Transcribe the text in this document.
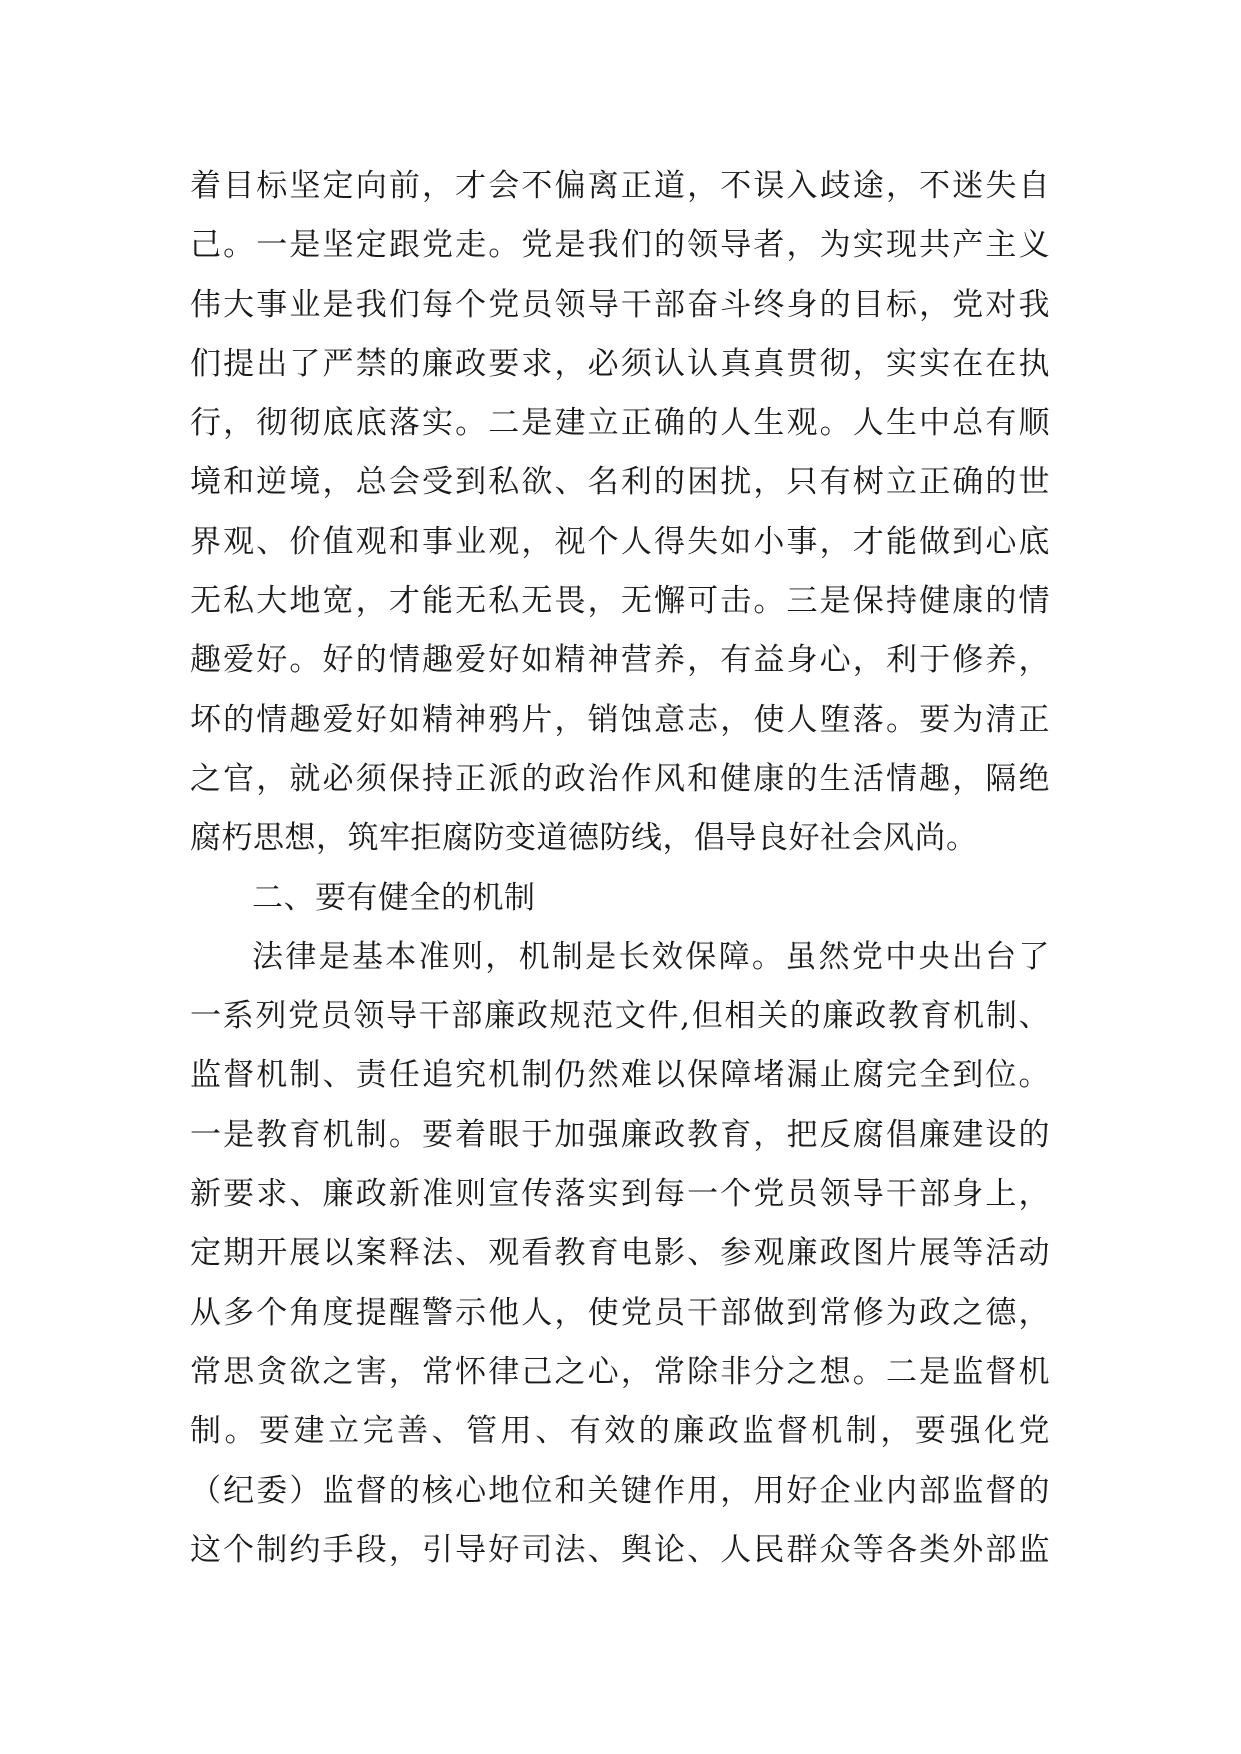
着目标坚定向前，才会不偏离正道，不误入歧途，不迷失自
己。一是坚定跟党走。党是我们的领导者，为实现共产主义
伟大事业是我们每个党员领导干部奋斗终身的目标，党对我
们提出了严禁的廉政要求，必须认认真真贯彻，实实在在执
行，彻彻底底落实。二是建立正确的人生观。人生中总有顺
境和逆境，总会受到私欲、名利的困扰，只有树立正确的世
界观、价值观和事业观，视个人得失如小事，才能做到心底
无私大地宽，才能无私无畏，无懈可击。三是保持健康的情
趣爱好。好的情趣爱好如精神营养，有益身心，利于修养，
坏的情趣爱好如精神鸦片，销蚀意志，使人堕落。要为清正
之官，就必须保持正派的政治作风和健康的生活情趣，隔绝
腐朽思想，筑牢拒腐防变道德防线，倡导良好社会风尚。
二、要有健全的机制
法律是基本准则，机制是长效保障。虽然党中央出台了
一系列党员领导干部廉政规范文件,但相关的廉政教育机制、
监督机制、责任追究机制仍然难以保障堵漏止腐完全到位。
一是教育机制。要着眼于加强廉政教育，把反腐倡廉建设的
新要求、廉政新准则宣传落实到每一个党员领导干部身上，
定期开展以案释法、观看教育电影、参观廉政图片展等活动
从多个角度提醒警示他人，使党员干部做到常修为政之德，
常思贪欲之害，常怀律己之心，常除非分之想。二是监督机
制。要建立完善、管用、有效的廉政监督机制，要强化党
（纪委）监督的核心地位和关键作用，用好企业内部监督的
这个制约手段，引导好司法、舆论、人民群众等各类外部监
